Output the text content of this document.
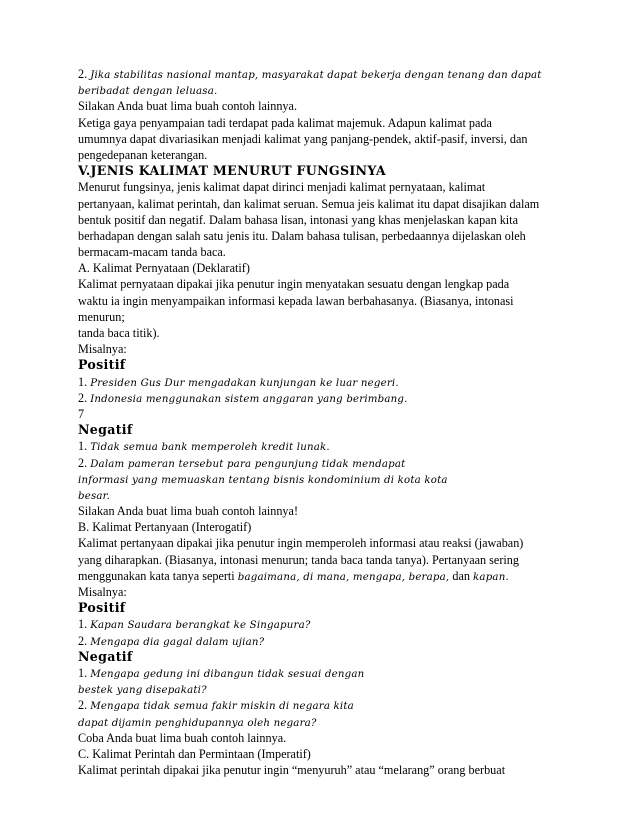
2. Jika stabilitas nasional mantap, masyarakat dapat bekerja dengan tenang dan dapat
beribadat dengan leluasa.
Silakan Anda buat lima buah contoh lainnya.
Ketiga gaya penyampaian tadi terdapat pada kalimat majemuk. Adapun kalimat pada
umumnya dapat divariasikan menjadi kalimat yang panjang-pendek, aktif-pasif, inversi, dan
pengedepanan keterangan.
V.JENIS KALIMAT MENURUT FUNGSINYA
Menurut fungsinya, jenis kalimat dapat dirinci menjadi kalimat pernyataan, kalimat
pertanyaan, kalimat perintah, dan kalimat seruan. Semua jeis kalimat itu dapat disajikan dalam
bentuk positif dan negatif. Dalam bahasa lisan, intonasi yang khas menjelaskan kapan kita
berhadapan dengan salah satu jenis itu. Dalam bahasa tulisan, perbedaannya dijelaskan oleh
bermacam-macam tanda baca.
A. Kalimat Pernyataan (Deklaratif)
Kalimat pernyataan dipakai jika penutur ingin menyatakan sesuatu dengan lengkap pada
waktu ia ingin menyampaikan informasi kepada lawan berbahasanya. (Biasanya, intonasi
menurun;
tanda baca titik).
Misalnya:
Positif
1. Presiden Gus Dur mengadakan kunjungan ke luar negeri.
2. Indonesia menggunakan sistem anggaran yang berimbang.
7
Negatif
1. Tidak semua bank memperoleh kredit lunak.
2. Dalam pameran tersebut para pengunjung tidak mendapat
informasi yang memuaskan tentang bisnis kondominium di kota kota
besar.
Silakan Anda buat lima buah contoh lainnya!
B. Kalimat Pertanyaan (Interogatif)
Kalimat pertanyaan dipakai jika penutur ingin memperoleh informasi atau reaksi (jawaban)
yang diharapkan. (Biasanya, intonasi menurun; tanda baca tanda tanya). Pertanyaan sering
menggunakan kata tanya seperti bagaimana, di mana, mengapa, berapa, dan kapan.
Misalnya:
Positif
1. Kapan Saudara berangkat ke Singapura?
2. Mengapa dia gagal dalam ujian?
Negatif
1. Mengapa gedung ini dibangun tidak sesuai dengan
bestek yang disepakati?
2. Mengapa tidak semua fakir miskin di negara kita
dapat dijamin penghidupannya oleh negara?
Coba Anda buat lima buah contoh lainnya.
C. Kalimat Perintah dan Permintaan (Imperatif)
Kalimat perintah dipakai jika penutur ingin “menyuruh” atau “melarang” orang berbuat
